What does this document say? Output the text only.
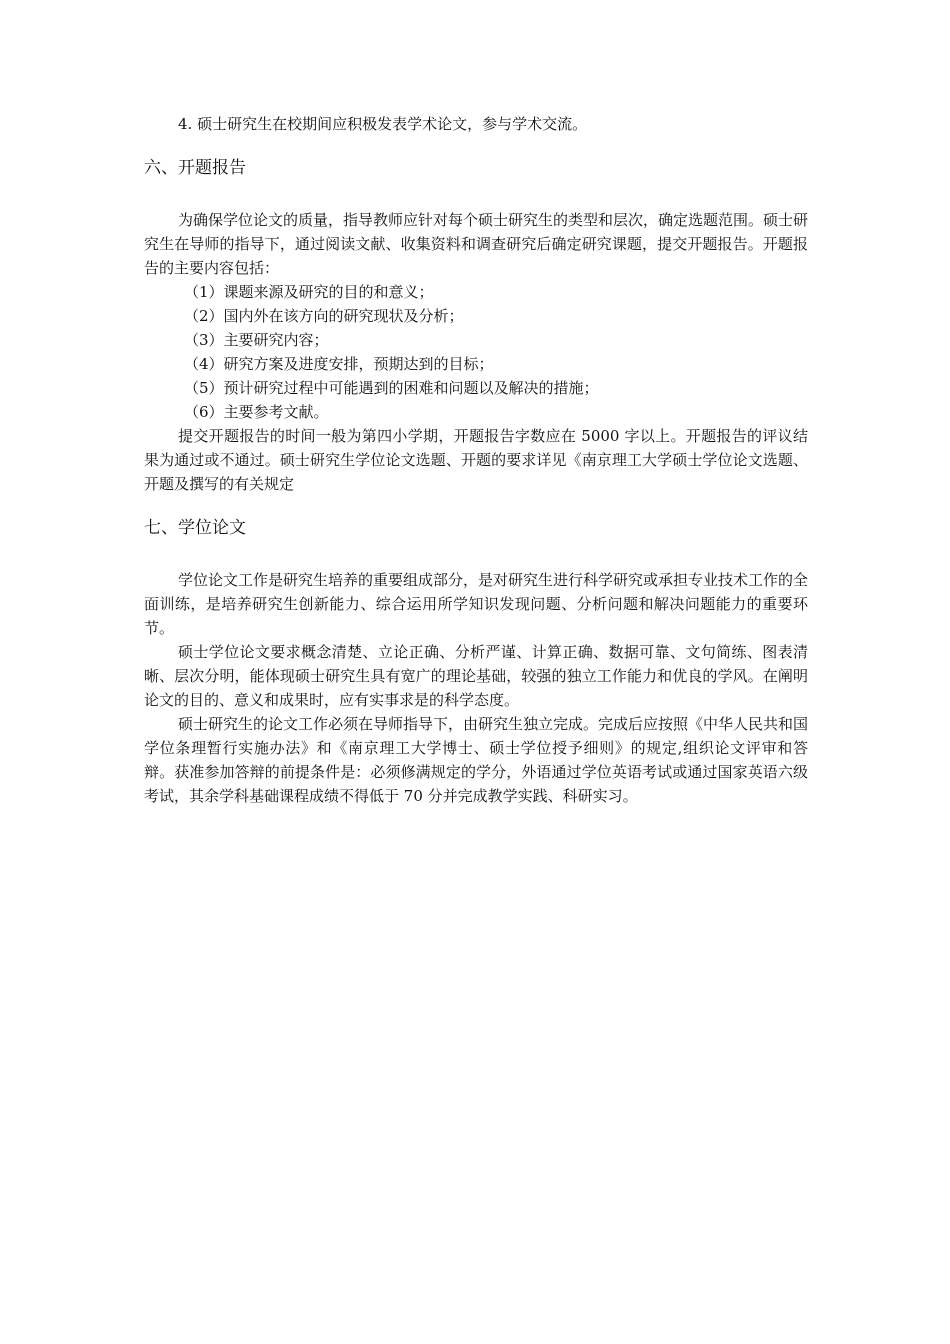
4. 硕士研究生在校期间应积极发表学术论文，参与学术交流。

六、开题报告

为确保学位论文的质量，指导教师应针对每个硕士研究生的类型和层次，确定选题范围。硕士研究生在导师的指导下，通过阅读文献、收集资料和调查研究后确定研究课题，提交开题报告。开题报告的主要内容包括：

（1）课题来源及研究的目的和意义；

（2）国内外在该方向的研究现状及分析；

（3）主要研究内容；

（4）研究方案及进度安排，预期达到的目标；

（5）预计研究过程中可能遇到的困难和问题以及解决的措施；

（6）主要参考文献。

提交开题报告的时间一般为第四小学期，开题报告字数应在 5000 字以上。开题报告的评议结果为通过或不通过。硕士研究生学位论文选题、开题的要求详见《南京理工大学硕士学位论文选题、开题及撰写的有关规定

七、学位论文

学位论文工作是研究生培养的重要组成部分，是对研究生进行科学研究或承担专业技术工作的全面训练，是培养研究生创新能力、综合运用所学知识发现问题、分析问题和解决问题能力的重要环节。

硕士学位论文要求概念清楚、立论正确、分析严谨、计算正确、数据可靠、文句简练、图表清晰、层次分明，能体现硕士研究生具有宽广的理论基础，较强的独立工作能力和优良的学风。在阐明论文的目的、意义和成果时，应有实事求是的科学态度。

硕士研究生的论文工作必须在导师指导下，由研究生独立完成。完成后应按照《中华人民共和国学位条理暂行实施办法》和《南京理工大学博士、硕士学位授予细则》的规定,组织论文评审和答辩。获准参加答辩的前提条件是：必须修满规定的学分，外语通过学位英语考试或通过国家英语六级考试，其余学科基础课程成绩不得低于 70 分并完成教学实践、科研实习。
